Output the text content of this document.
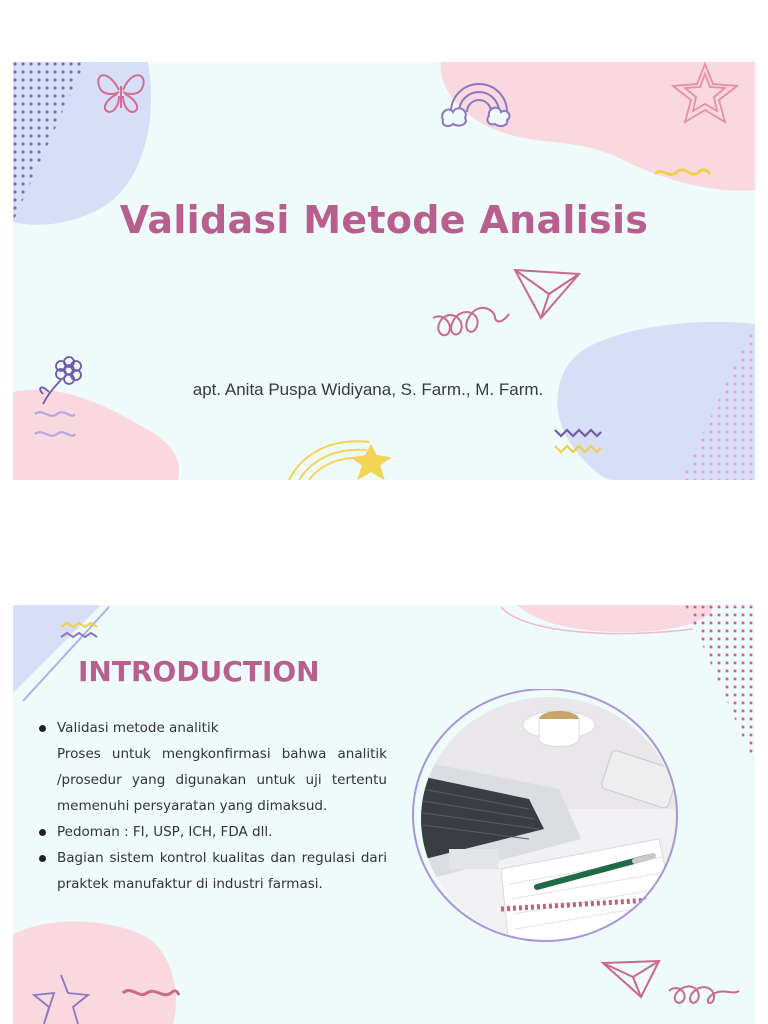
Validasi Metode Analisis
apt. Anita Puspa Widiyana, S. Farm., M. Farm.
INTRODUCTION
Validasi metode analitik
Proses untuk mengkonfirmasi bahwa analitik /prosedur yang digunakan untuk uji tertentu memenuhi persyaratan yang dimaksud.
Pedoman : FI, USP, ICH, FDA dll.
Bagian sistem kontrol kualitas dan regulasi dari praktek manufaktur di industri farmasi.
